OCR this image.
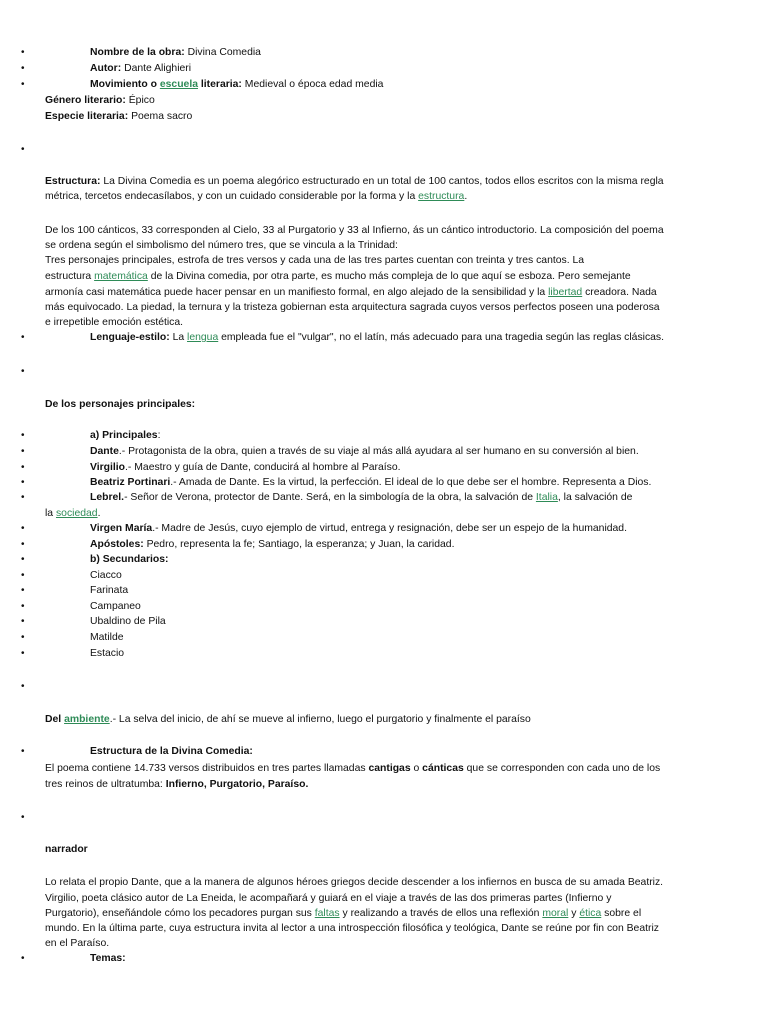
•	Nombre de la obra: Divina Comedia
•	Autor: Dante Alighieri
•	Movimiento o escuela literaria: Medieval o época edad media
Género literario: Épico
Especie literaria: Poema sacro
•
Estructura: La Divina Comedia es un poema alegórico estructurado en un total de 100 cantos, todos ellos escritos con la misma regla
métrica, tercetos endecasílabos, y con un cuidado considerable por la forma y la estructura.
De los 100 cánticos, 33 corresponden al Cielo, 33 al Purgatorio y 33 al Infierno, ás un cántico introductorio. La composición del poema
se ordena según el simbolismo del número tres, que se vincula a la Trinidad:
Tres personajes principales, estrofa de tres versos y cada una de las tres partes cuentan con treinta y tres cantos. La
estructura matemática de la Divina comedia, por otra parte, es mucho más compleja de lo que aquí se esboza. Pero semejante
armonía casi matemática puede hacer pensar en un manifiesto formal, en algo alejado de la sensibilidad y la libertad creadora. Nada
más equivocado. La piedad, la ternura y la tristeza gobiernan esta arquitectura sagrada cuyos versos perfectos poseen una poderosa
e irrepetible emoción estética.
•	Lenguaje-estilo: La lengua empleada fue el "vulgar", no el latín, más adecuado para una tragedia según las reglas clásicas.
•
De los personajes principales:
•	a) Principales:
•	Dante.- Protagonista de la obra, quien a través de su viaje al más allá ayudara al ser humano en su conversión al bien.
•	Virgilio.- Maestro y guía de Dante, conducirá al hombre al Paraíso.
•	Beatriz Portinari.- Amada de Dante. Es la virtud, la perfección. El ideal de lo que debe ser el hombre. Representa a Dios.
•	Lebrel.- Señor de Verona, protector de Dante. Será, en la simbología de la obra, la salvación de Italia, la salvación de
la sociedad.
•	Virgen María.- Madre de Jesús, cuyo ejemplo de virtud, entrega y resignación, debe ser un espejo de la humanidad.
•	Apóstoles: Pedro, representa la fe; Santiago, la esperanza; y Juan, la caridad.
•	b) Secundarios:
•	Ciacco
•	Farinata
•	Campaneo
•	Ubaldino de Pila
•	Matilde
•	Estacio
•
Del ambiente.- La selva del inicio, de ahí se mueve al infierno, luego el purgatorio y finalmente el paraíso
•	Estructura de la Divina Comedia:
El poema contiene 14.733 versos distribuidos en tres partes llamadas cantigas o cánticas que se corresponden con cada uno de los
tres reinos de ultratumba: Infierno, Purgatorio, Paraíso.
•
narrador
Lo relata el propio Dante, que a la manera de algunos héroes griegos decide descender a los infiernos en busca de su amada Beatriz.
Virgilio, poeta clásico autor de La Eneida, le acompañará y guiará en el viaje a través de las dos primeras partes (Infierno y
Purgatorio), enseñándole cómo los pecadores purgan sus faltas y realizando a través de ellos una reflexión moral y ética sobre el
mundo. En la última parte, cuya estructura invita al lector a una introspección filosófica y teológica, Dante se reúne por fin con Beatriz
en el Paraíso.
•	Temas:
